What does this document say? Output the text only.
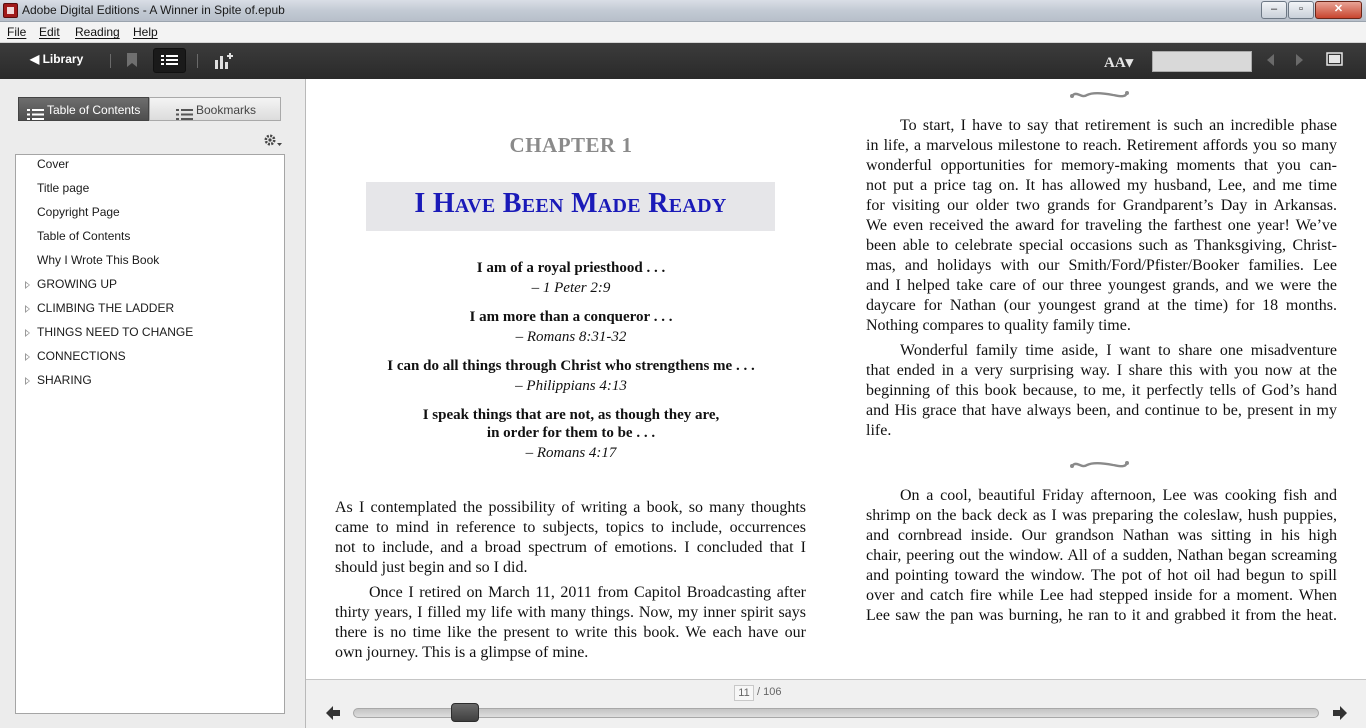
Adobe Digital Editions - A Winner in Spite of.epub	‒	▫	✕
File Edit Reading Help
◀ Library	AA▾
Table of Contents	Bookmarks
Cover
Title page
Copyright Page
Table of Contents
Why I Wrote This Book
GROWING UP
CLIMBING THE LADDER
THINGS NEED TO CHANGE
CONNECTIONS
SHARING
CHAPTER 1
I Have Been Made Ready
I am of a royal priesthood . . .
– 1 Peter 2:9
I am more than a conqueror . . .
– Romans 8:31-32
I can do all things through Christ who strengthens me . . .
– Philippians 4:13
I speak things that are not, as though they are,
in order for them to be . . .
– Romans 4:17
As I contemplated the possibility of writing a book, so many thoughts
came to mind in reference to subjects, topics to include, occurrences
not to include, and a broad spectrum of emotions. I concluded that I
should just begin and so I did.
Once I retired on March 11, 2011 from Capitol Broadcasting after
thirty years, I filled my life with many things. Now, my inner spirit says
there is no time like the present to write this book. We each have our
own journey. This is a glimpse of mine.
To start, I have to say that retirement is such an incredible phase
in life, a marvelous milestone to reach. Retirement affords you so many
wonderful opportunities for memory-making moments that you can-
not put a price tag on. It has allowed my husband, Lee, and me time
for visiting our older two grands for Grandparent’s Day in Arkansas.
We even received the award for traveling the farthest one year! We’ve
been able to celebrate special occasions such as Thanksgiving, Christ-
mas, and holidays with our Smith/Ford/Pfister/Booker families. Lee
and I helped take care of our three youngest grands, and we were the
daycare for Nathan (our youngest grand at the time) for 18 months.
Nothing compares to quality family time.
Wonderful family time aside, I want to share one misadventure
that ended in a very surprising way. I share this with you now at the
beginning of this book because, to me, it perfectly tells of God’s hand
and His grace that have always been, and continue to be, present in my
life.
On a cool, beautiful Friday afternoon, Lee was cooking fish and
shrimp on the back deck as I was preparing the coleslaw, hush puppies,
and cornbread inside. Our grandson Nathan was sitting in his high
chair, peering out the window. All of a sudden, Nathan began screaming
and pointing toward the window. The pot of hot oil had begun to spill
over and catch fire while Lee had stepped inside for a moment. When
Lee saw the pan was burning, he ran to it and grabbed it from the heat.
11 / 106
